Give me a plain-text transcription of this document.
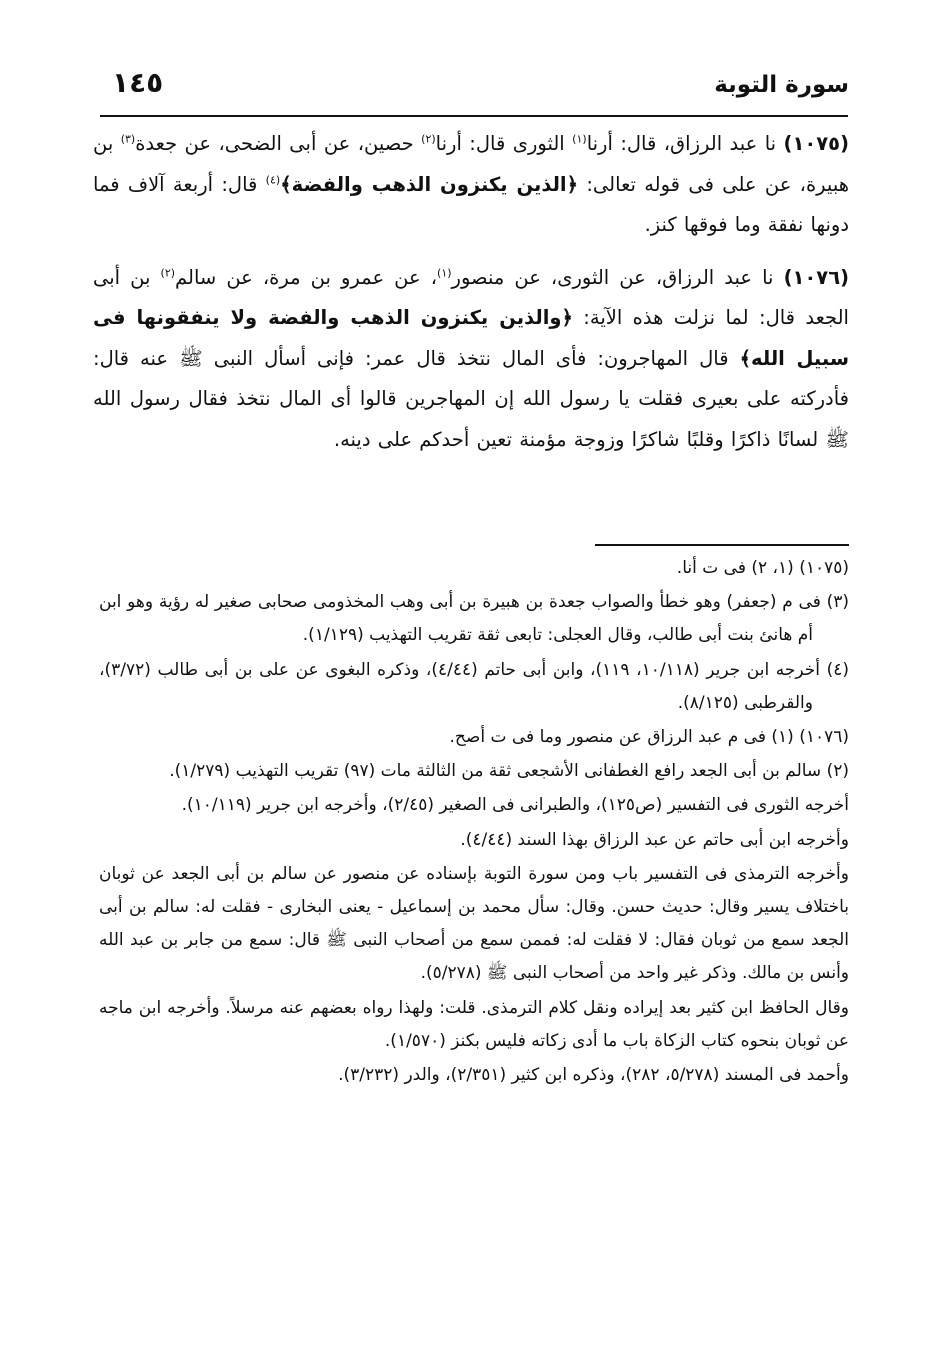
سورة التوبة
١٤٥

(١٠٧٥) نا عبد الرزاق، قال: أرنا$^{(١)}$ الثورى قال: أرنا$^{(٢)}$ حصين، عن أبى الضحى، عن جعدة$^{(٣)}$ بن هبيرة، عن على فى قوله تعالى: ﴿الذين يكنزون الذهب والفضة﴾$^{(٤)}$ قال: أربعة آلاف فما دونها نفقة وما فوقها كنز.

(١٠٧٦) نا عبد الرزاق، عن الثورى، عن منصور$^{(١)}$، عن عمرو بن مرة، عن سالم$^{(٢)}$ بن أبى الجعد قال: لما نزلت هذه الآية: ﴿والذين يكنزون الذهب والفضة ولا ينفقونها فى سبيل الله﴾ قال المهاجرون: فأى المال نتخذ قال عمر: فإنى أسأل النبى ﷺ عنه قال: فأدركته على بعيرى فقلت يا رسول الله إن المهاجرين قالوا أى المال نتخذ فقال رسول الله ﷺ لسانًا ذاكرًا وقلبًا شاكرًا وزوجة مؤمنة تعين أحدكم على دينه.

(١٠٧٥) (١، ٢) فى ت أنا.

(٣) فى م (جعفر) وهو خطأ والصواب جعدة بن هبيرة بن أبى وهب المخذومى صحابى صغير له رؤية وهو ابن أم هانئ بنت أبى طالب، وقال العجلى: تابعى ثقة تقريب التهذيب (١/١٢٩).

(٤) أخرجه ابن جرير (١٠/١١٨، ١١٩)، وابن أبى حاتم (٤/٤٤)، وذكره البغوى عن على بن أبى طالب (٣/٧٢)، والقرطبى (٨/١٢٥).

(١٠٧٦) (١) فى م عبد الرزاق عن منصور وما فى ت أصح.

(٢) سالم بن أبى الجعد رافع الغطفانى الأشجعى ثقة من الثالثة مات (٩٧) تقريب التهذيب (١/٢٧٩).

أخرجه الثورى فى التفسير (ص١٢٥)، والطبرانى فى الصغير (٢/٤٥)، وأخرجه ابن جرير (١٠/١١٩).

وأخرجه ابن أبى حاتم عن عبد الرزاق بهذا السند (٤/٤٤).

وأخرجه الترمذى فى التفسير باب ومن سورة التوبة بإسناده عن منصور عن سالم بن أبى الجعد عن ثوبان باختلاف يسير وقال: حديث حسن. وقال: سأل محمد بن إسماعيل - يعنى البخارى - فقلت له: سالم بن أبى الجعد سمع من ثوبان فقال: لا فقلت له: فممن سمع من أصحاب النبى ﷺ قال: سمع من جابر بن عبد الله وأنس بن مالك. وذكر غير واحد من أصحاب النبى ﷺ (٥/٢٧٨).

وقال الحافظ ابن كثير بعد إيراده ونقل كلام الترمذى. قلت: ولهذا رواه بعضهم عنه مرسلاً. وأخرجه ابن ماجه عن ثوبان بنحوه كتاب الزكاة باب ما أدى زكاته فليس بكنز (١/٥٧٠).

وأحمد فى المسند (٥/٢٧٨، ٢٨٢)، وذكره ابن كثير (٢/٣٥١)، والدر (٣/٢٣٢).
